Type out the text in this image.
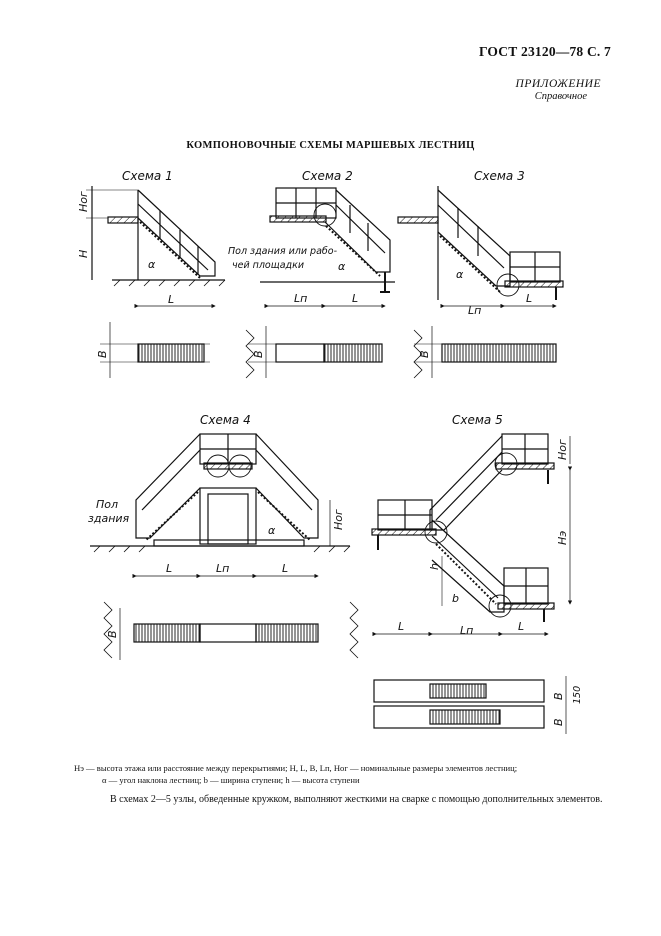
ГОСТ 23120—78 С. 7
ПРИЛОЖЕНИЕ
Справочное
КОМПОНОВОЧНЫЕ СХЕМЫ МАРШЕВЫХ ЛЕСТНИЦ
Схема 1
Hог
H
α
L
B
Схема 2
Пол здания или рабо-
чей площадки	α
Lп	L
B
Схема 3
α
Lп
L
B
Схема 4
Пол
здания
α
Hог
L	Lп	L
B
Схема 5
Hог
Hэ
h
b
L	Lп	L
B
B
150
Hэ — высота этажа или расстояние между перекрытиями; H, L, B, Lп, Hог — номинальные размеры элементов лестниц;
α — угол наклона лестниц; b — ширина ступени; h — высота ступени
В схемах 2—5 узлы, обведенные кружком, выполняют жесткими на сварке с помощью дополнительных элементов.
